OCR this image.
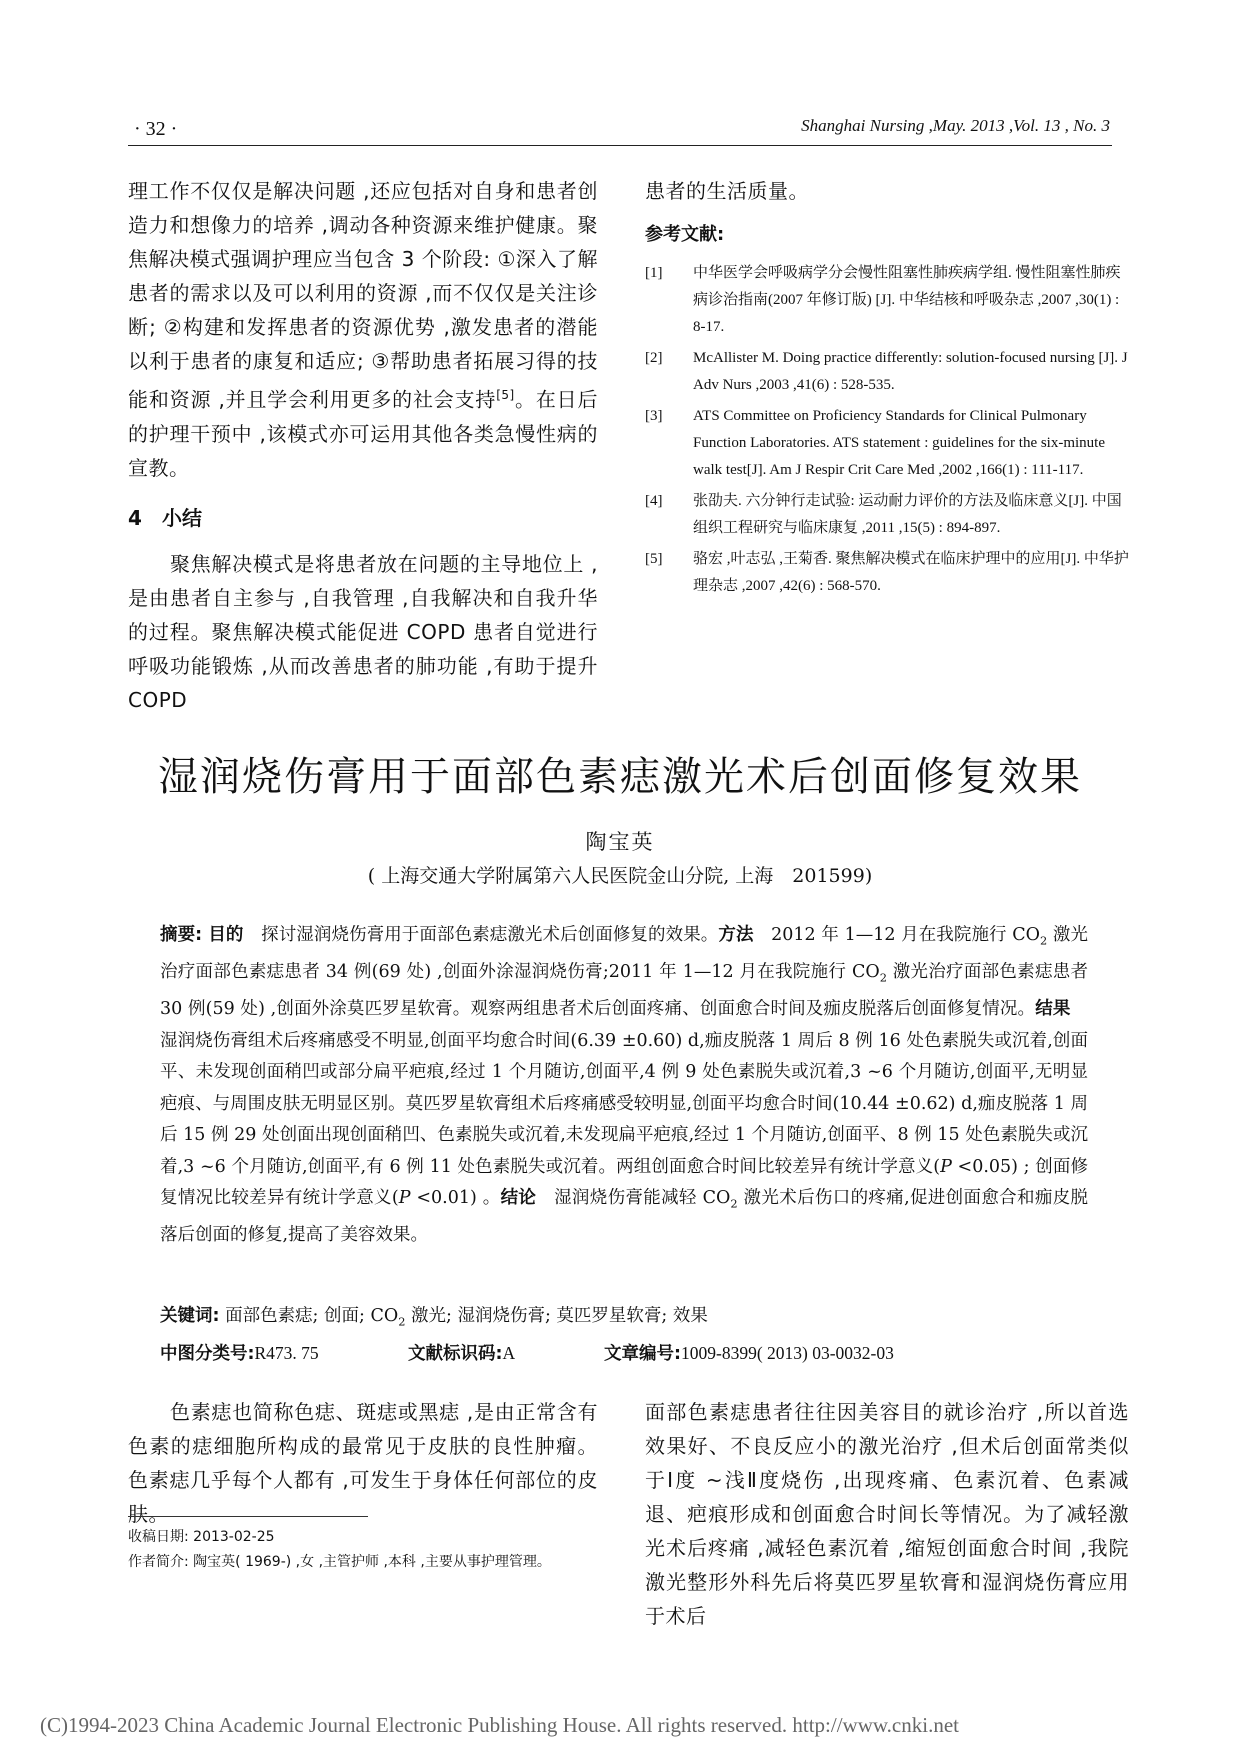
· 32 ·	Shanghai Nursing ,May. 2013 ,Vol. 13 , No. 3

理工作不仅仅是解决问题 ,还应包括对自身和患者创造力和想像力的培养 ,调动各种资源来维护健康。聚焦解决模式强调护理应当包含 3 个阶段: ①深入了解患者的需求以及可以利用的资源 ,而不仅仅是关注诊断; ②构建和发挥患者的资源优势 ,激发患者的潜能以利于患者的康复和适应; ③帮助患者拓展习得的技能和资源 ,并且学会利用更多的社会支持[5]。在日后的护理干预中 ,该模式亦可运用其他各类急慢性病的宣教。

4 小结

聚焦解决模式是将患者放在问题的主导地位上 ,是由患者自主参与 ,自我管理 ,自我解决和自我升华的过程。聚焦解决模式能促进 COPD 患者自觉进行呼吸功能锻炼 ,从而改善患者的肺功能 ,有助于提升 COPD

患者的生活质量。

参考文献:
[1] 中华医学会呼吸病学分会慢性阻塞性肺疾病学组. 慢性阻塞性肺疾病诊治指南(2007 年修订版) [J]. 中华结核和呼吸杂志 ,2007 ,30(1) : 8-17.
[2] McAllister M. Doing practice differently: solution-focused nursing [J]. J Adv Nurs ,2003 ,41(6) : 528-535.
[3] ATS Committee on Proficiency Standards for Clinical Pulmonary Function Laboratories. ATS statement : guidelines for the six-minute walk test[J]. Am J Respir Crit Care Med ,2002 ,166(1) : 111-117.
[4] 张劭夫. 六分钟行走试验: 运动耐力评价的方法及临床意义[J]. 中国组织工程研究与临床康复 ,2011 ,15(5) : 894-897.
[5] 骆宏 ,叶志弘 ,王菊香. 聚焦解决模式在临床护理中的应用[J]. 中华护理杂志 ,2007 ,42(6) : 568-570.
湿润烧伤膏用于面部色素痣激光术后创面修复效果
陶宝英
( 上海交通大学附属第六人民医院金山分院, 上海　201599)
摘要: 目的　探讨湿润烧伤膏用于面部色素痣激光术后创面修复的效果。方法　2012 年 1—12 月在我院施行 $CO_2$ 激光治疗面部色素痣患者 34 例(69 处) ,创面外涂湿润烧伤膏;2011 年 1—12 月在我院施行 $CO_2$ 激光治疗面部色素痣患者 30 例(59 处) ,创面外涂莫匹罗星软膏。观察两组患者术后创面疼痛、创面愈合时间及痂皮脱落后创面修复情况。结果　湿润烧伤膏组术后疼痛感受不明显,创面平均愈合时间(6.39 ±0.60) d,痂皮脱落 1 周后 8 例 16 处色素脱失或沉着,创面平、未发现创面稍凹或部分扁平疤痕,经过 1 个月随访,创面平,4 例 9 处色素脱失或沉着,3 ~6 个月随访,创面平,无明显疤痕、与周围皮肤无明显区别。莫匹罗星软膏组术后疼痛感受较明显,创面平均愈合时间(10.44 ±0.62) d,痂皮脱落 1 周后 15 例 29 处创面出现创面稍凹、色素脱失或沉着,未发现扁平疤痕,经过 1 个月随访,创面平、8 例 15 处色素脱失或沉着,3 ~6 个月随访,创面平,有 6 例 11 处色素脱失或沉着。两组创面愈合时间比较差异有统计学意义(P <0.05) ; 创面修复情况比较差异有统计学意义(P <0.01) 。结论　湿润烧伤膏能减轻 $CO_2$ 激光术后伤口的疼痛,促进创面愈合和痂皮脱落后创面的修复,提高了美容效果。
关键词: 面部色素痣; 创面; $CO_2$ 激光; 湿润烧伤膏; 莫匹罗星软膏; 效果
中图分类号:R473. 75	文献标识码:A	文章编号:1009-8399( 2013) 03-0032-03

色素痣也简称色痣、斑痣或黑痣 ,是由正常含有色素的痣细胞所构成的最常见于皮肤的良性肿瘤。色素痣几乎每个人都有 ,可发生于身体任何部位的皮肤。

面部色素痣患者往往因美容目的就诊治疗 ,所以首选效果好、不良反应小的激光治疗 ,但术后创面常类似于Ⅰ度 ~浅Ⅱ度烧伤 ,出现疼痛、色素沉着、色素减退、疤痕形成和创面愈合时间长等情况。为了减轻激光术后疼痛 ,减轻色素沉着 ,缩短创面愈合时间 ,我院激光整形外科先后将莫匹罗星软膏和湿润烧伤膏应用于术后

收稿日期: 2013-02-25
作者简介: 陶宝英( 1969-) ,女 ,主管护师 ,本科 ,主要从事护理管理。
(C)1994-2023 China Academic Journal Electronic Publishing House. All rights reserved. http://www.cnki.net
